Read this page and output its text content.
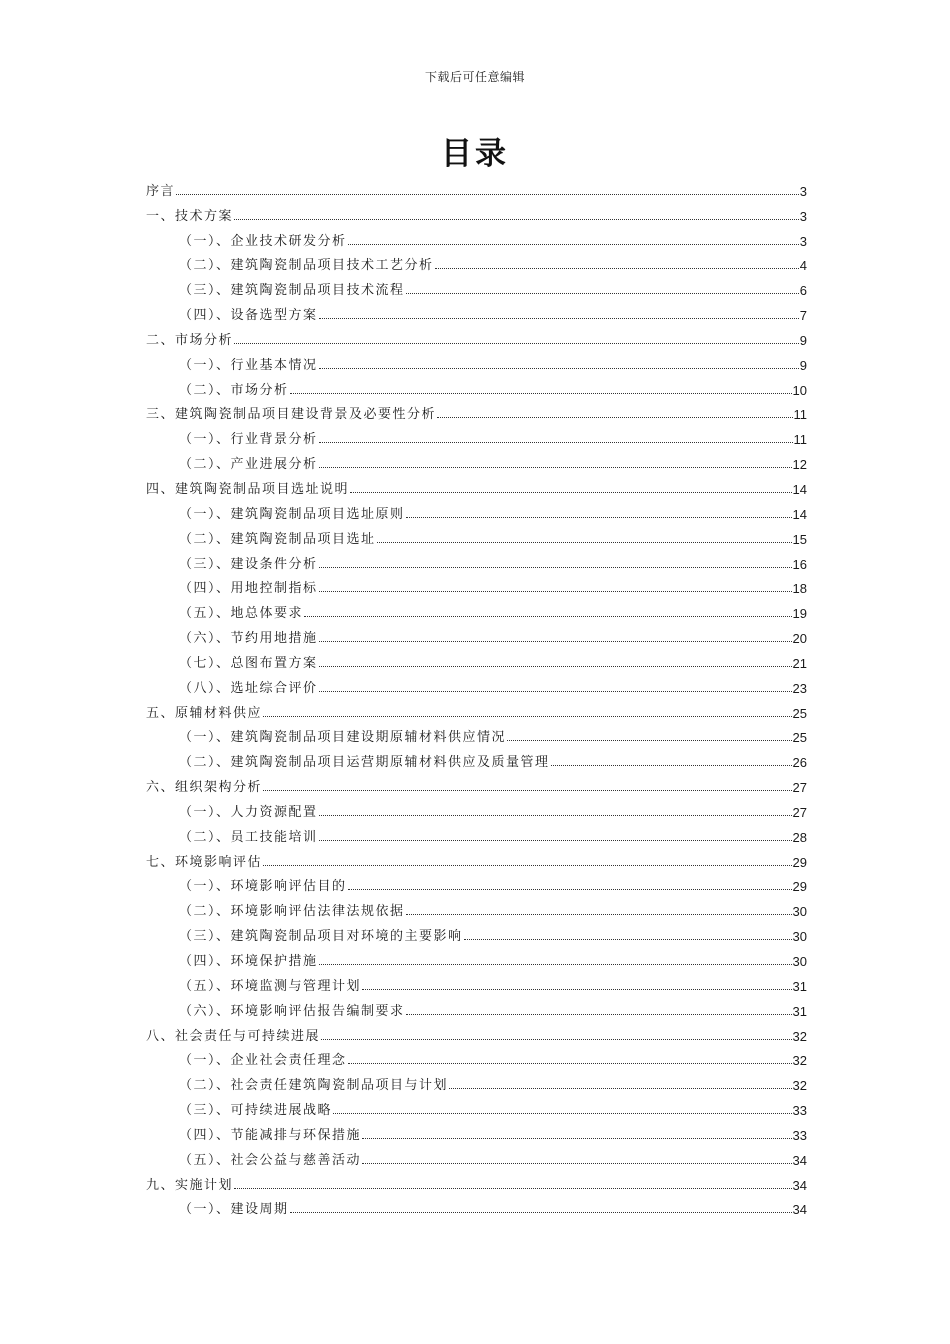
下载后可任意编辑
目录
序言	3
一、技术方案	3
（一）、企业技术研发分析	3
（二）、建筑陶瓷制品项目技术工艺分析	4
（三）、建筑陶瓷制品项目技术流程	6
（四）、设备选型方案	7
二、市场分析	9
（一）、行业基本情况	9
（二）、市场分析	10
三、建筑陶瓷制品项目建设背景及必要性分析	11
（一）、行业背景分析	11
（二）、产业进展分析	12
四、建筑陶瓷制品项目选址说明	14
（一）、建筑陶瓷制品项目选址原则	14
（二）、建筑陶瓷制品项目选址	15
（三）、建设条件分析	16
（四）、用地控制指标	18
（五）、地总体要求	19
（六）、节约用地措施	20
（七）、总图布置方案	21
（八）、选址综合评价	23
五、原辅材料供应	25
（一）、建筑陶瓷制品项目建设期原辅材料供应情况	25
（二）、建筑陶瓷制品项目运营期原辅材料供应及质量管理	26
六、组织架构分析	27
（一）、人力资源配置	27
（二）、员工技能培训	28
七、环境影响评估	29
（一）、环境影响评估目的	29
（二）、环境影响评估法律法规依据	30
（三）、建筑陶瓷制品项目对环境的主要影响	30
（四）、环境保护措施	30
（五）、环境监测与管理计划	31
（六）、环境影响评估报告编制要求	31
八、社会责任与可持续进展	32
（一）、企业社会责任理念	32
（二）、社会责任建筑陶瓷制品项目与计划	32
（三）、可持续进展战略	33
（四）、节能减排与环保措施	33
（五）、社会公益与慈善活动	34
九、实施计划	34
（一）、建设周期	34
